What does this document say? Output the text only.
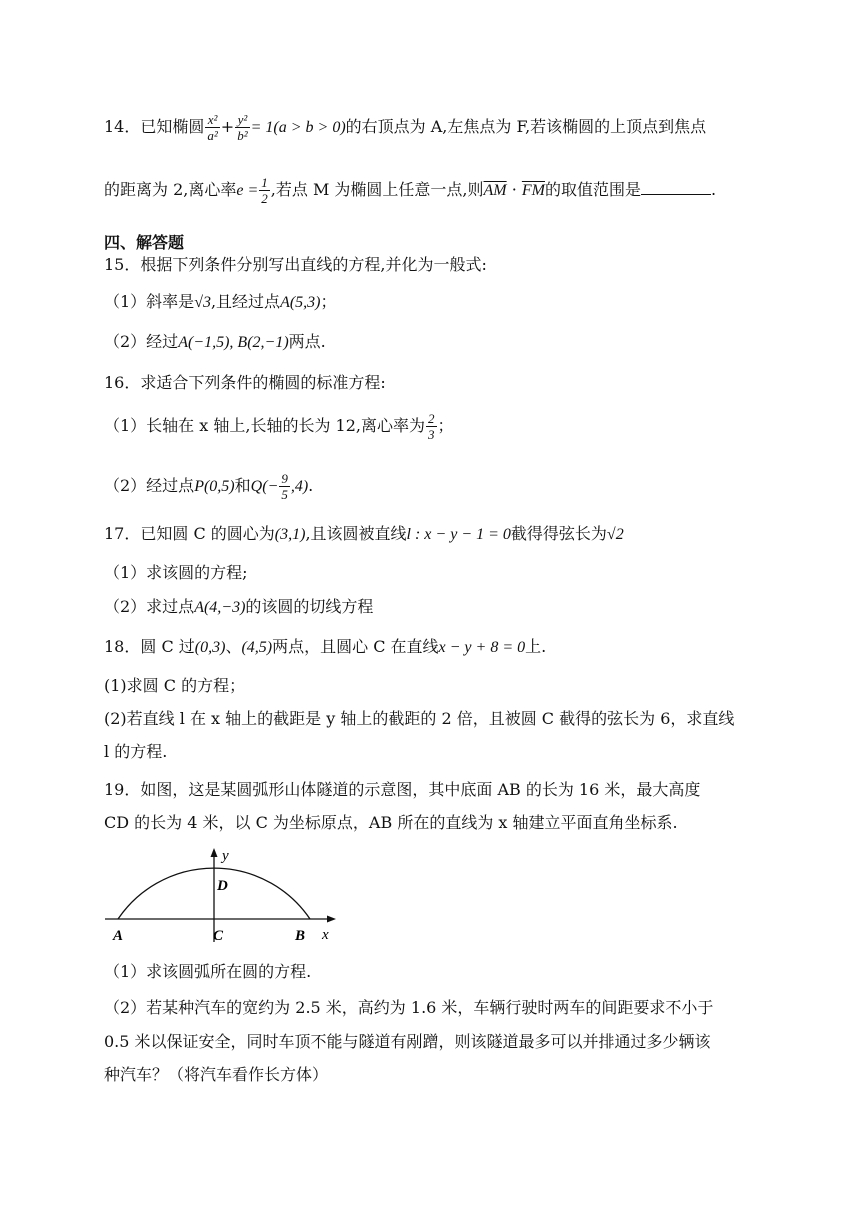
14．已知椭圆 $\frac{\text{x²}}{\text{a²}} + \frac{\text{y²}}{\text{b²}} = 1(a > b > 0)$的右顶点为 A,左焦点为 F,若该椭圆的上顶点到焦点
的距离为 2,离心率$e = \frac{1}{2}$ ,若点 M 为椭圆上任意一点,则$\overline{AM} \cdot \overline{FM}$的取值范围是	.
四、解答题
15．根据下列条件分别写出直线的方程,并化为一般式:
（1）斜率是√3,且经过点A(5,3)；
（2）经过A(−1,5), B(2,−1)两点.
16．求适合下列条件的椭圆的标准方程:
（1）长轴在 x 轴上,长轴的长为 12,离心率为 $\frac{2}{3}$ ；
（2）经过点P(0,5)和$Q(- \frac{9}{5} ,4)$.
17．已知圆 C 的圆心为(3,1),且该圆被直线l : x − y − 1 = 0截得得弦长为√2
（1）求该圆的方程;
（2）求过点A(4,−3)的该圆的切线方程
18．圆 C 过(0,3)、(4,5)两点，且圆心 C 在直线x − y + 8 = 0上.
(1)求圆 C 的方程；
(2)若直线 l 在 x 轴上的截距是 y 轴上的截距的 2 倍，且被圆 C 截得的弦长为 6，求直线
l 的方程.
19．如图，这是某圆弧形山体隧道的示意图，其中底面 AB 的长为 16 米，最大高度
CD 的长为 4 米，以 C 为坐标原点，AB 所在的直线为 x 轴建立平面直角坐标系.
y
D
A	C	B x
（1）求该圆弧所在圆的方程.
（2）若某种汽车的宽约为 2.5 米，高约为 1.6 米，车辆行驶时两车的间距要求不小于
0.5 米以保证安全，同时车顶不能与隧道有剐蹭，则该隧道最多可以并排通过多少辆该
种汽车？（将汽车看作长方体）
